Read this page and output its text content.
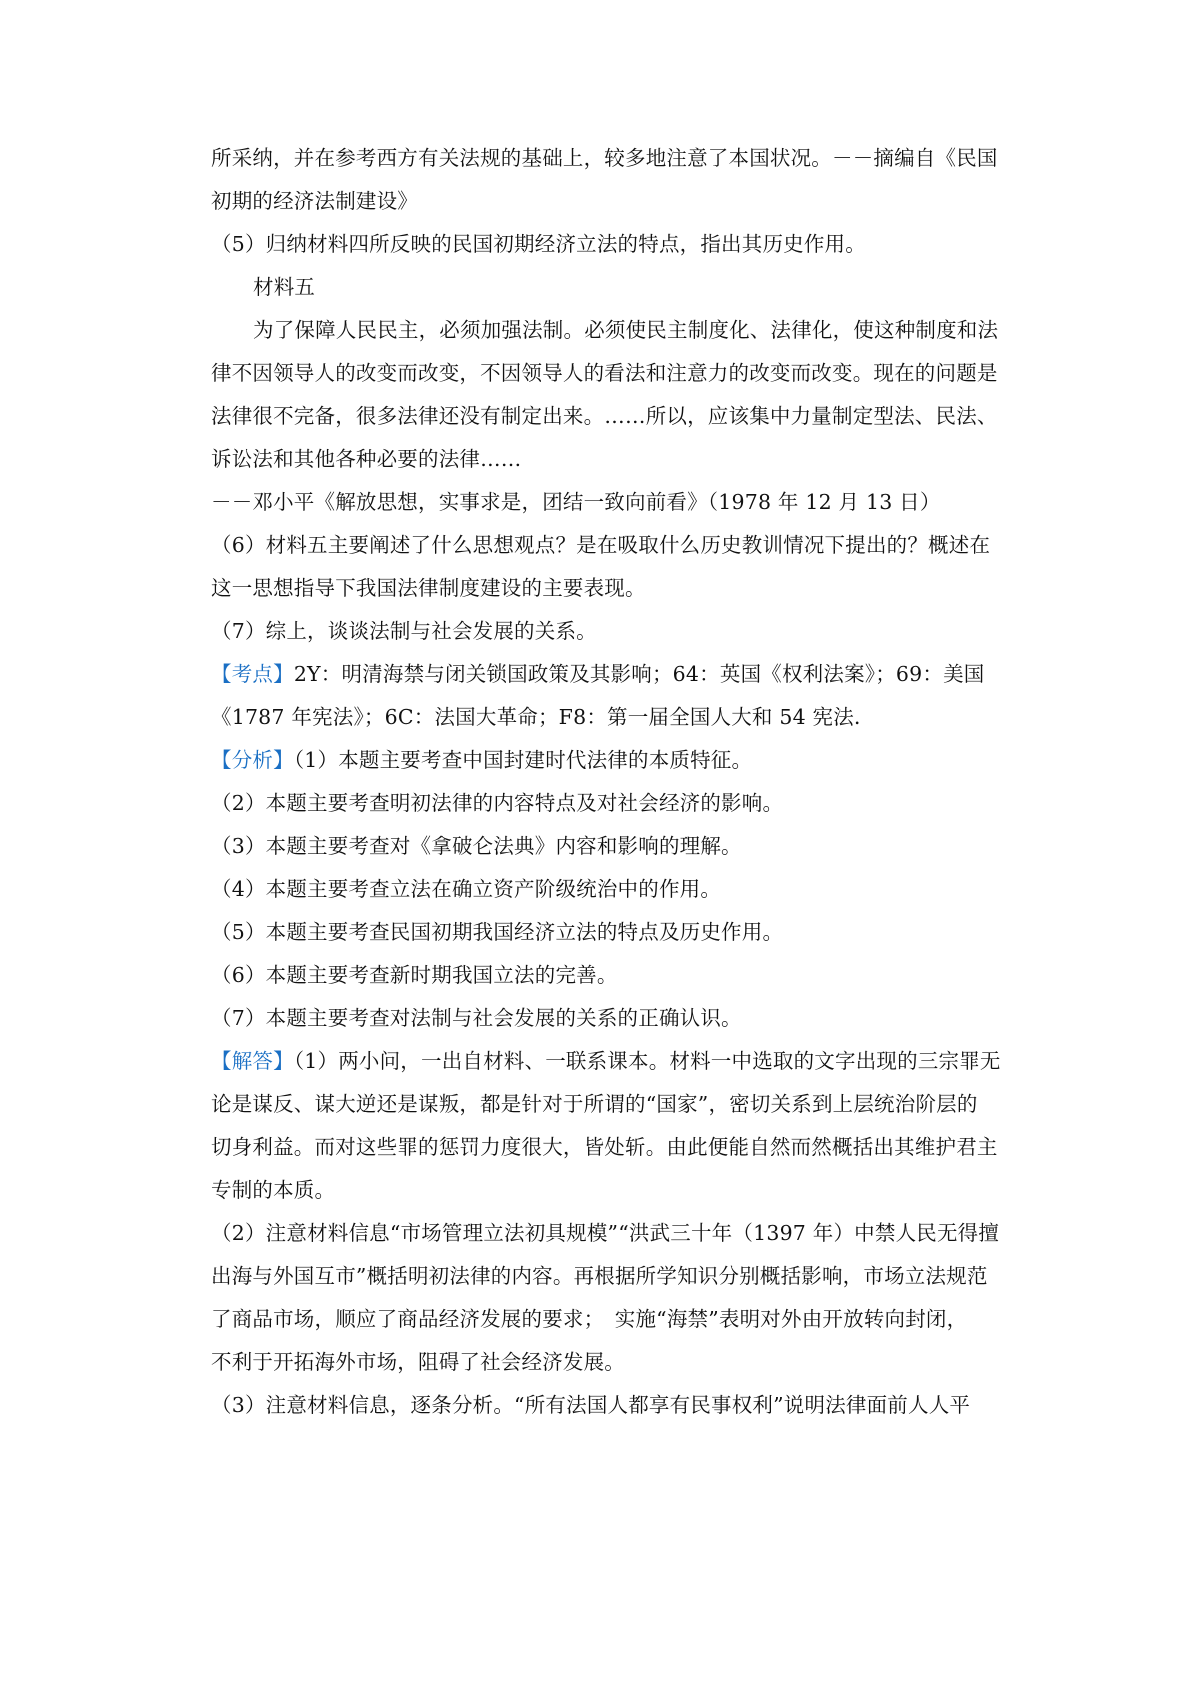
所采纳，并在参考西方有关法规的基础上，较多地注意了本国状况。－－摘编自《民国
初期的经济法制建设》
（5）归纳材料四所反映的民国初期经济立法的特点，指出其历史作用。
材料五
为了保障人民民主，必须加强法制。必须使民主制度化、法律化，使这种制度和法
律不因领导人的改变而改变，不因领导人的看法和注意力的改变而改变。现在的问题是
法律很不完备，很多法律还没有制定出来。……所以，应该集中力量制定型法、民法、
诉讼法和其他各种必要的法律……
－－邓小平《解放思想，实事求是，团结一致向前看》（1978 年 12 月 13 日）
（6）材料五主要阐述了什么思想观点？是在吸取什么历史教训情况下提出的？概述在
这一思想指导下我国法律制度建设的主要表现。
（7）综上，谈谈法制与社会发展的关系。
【考点】2Y：明清海禁与闭关锁国政策及其影响；64：英国《权利法案》；69：美国
《1787 年宪法》；6C：法国大革命；F8：第一届全国人大和 54 宪法．
【分析】（1）本题主要考查中国封建时代法律的本质特征。
（2）本题主要考查明初法律的内容特点及对社会经济的影响。
（3）本题主要考查对《拿破仑法典》内容和影响的理解。
（4）本题主要考查立法在确立资产阶级统治中的作用。
（5）本题主要考查民国初期我国经济立法的特点及历史作用。
（6）本题主要考查新时期我国立法的完善。
（7）本题主要考查对法制与社会发展的关系的正确认识。
【解答】（1）两小问，一出自材料、一联系课本。材料一中选取的文字出现的三宗罪无
论是谋反、谋大逆还是谋叛，都是针对于所谓的“国家”，密切关系到上层统治阶层的
切身利益。而对这些罪的惩罚力度很大，皆处斩。由此便能自然而然概括出其维护君主
专制的本质。
（2）注意材料信息“市场管理立法初具规模”“洪武三十年（1397 年）中禁人民无得擅
出海与外国互市”概括明初法律的内容。再根据所学知识分别概括影响，市场立法规范
了商品市场，顺应了商品经济发展的要求；　实施“海禁”表明对外由开放转向封闭，
不利于开拓海外市场，阻碍了社会经济发展。
（3）注意材料信息，逐条分析。“所有法国人都享有民事权利”说明法律面前人人平
